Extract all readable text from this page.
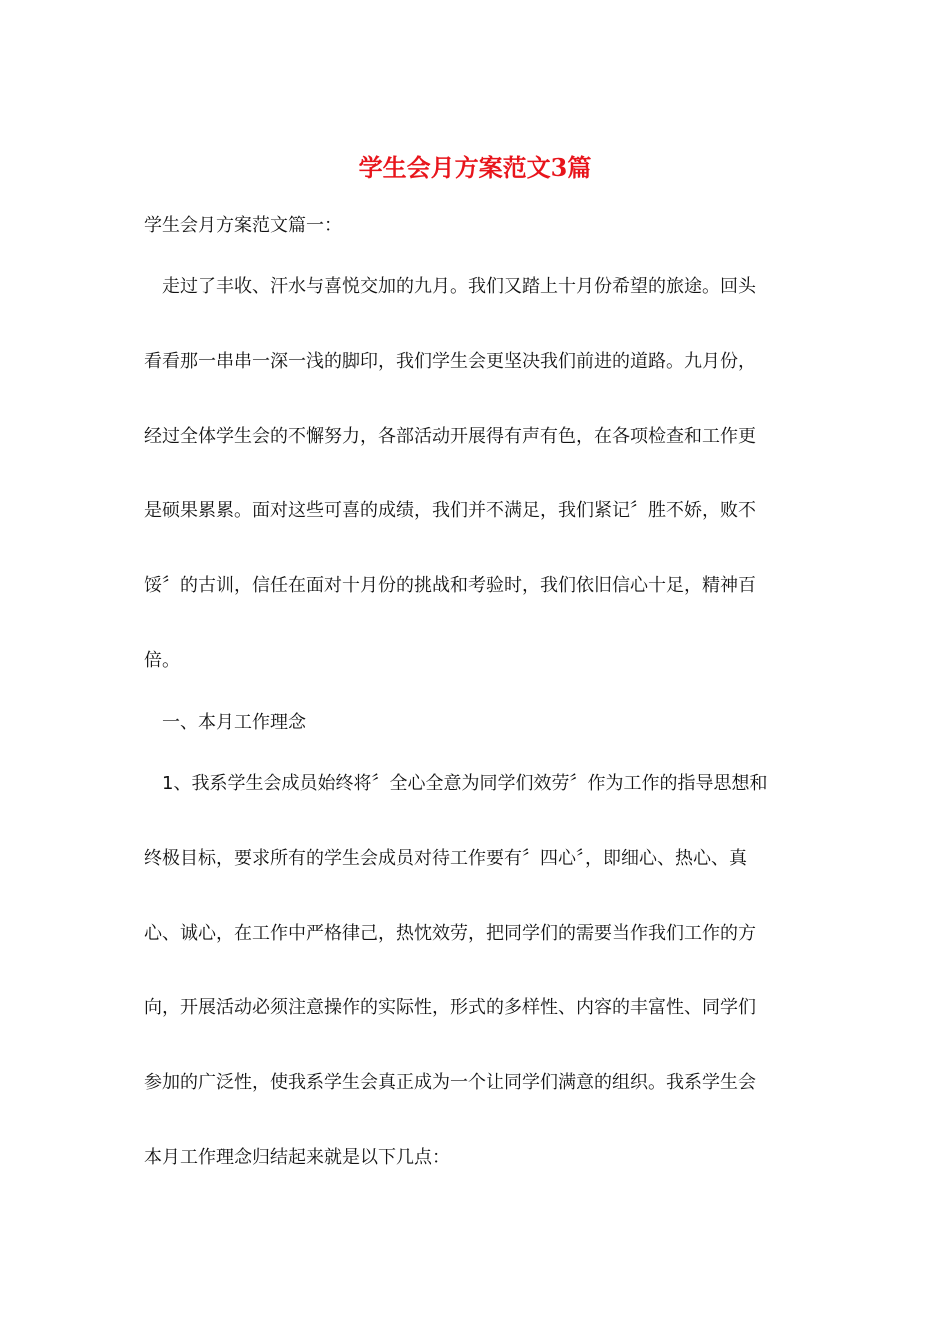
学生会月方案范文3篇

学生会月方案范文篇一：

走过了丰收、汗水与喜悦交加的九月。我们又踏上十月份希望的旅途。回头

看看那一串串一深一浅的脚印，我们学生会更坚决我们前进的道路。九月份，

经过全体学生会的不懈努力，各部活动开展得有声有色，在各项检查和工作更

是硕果累累。面对这些可喜的成绩，我们并不满足，我们紧记〞胜不娇，败不

馁〞的古训，信任在面对十月份的挑战和考验时，我们依旧信心十足，精神百

倍。

一、本月工作理念

1、我系学生会成员始终将〞全心全意为同学们效劳〞作为工作的指导思想和

终极目标，要求所有的学生会成员对待工作要有〞四心〞，即细心、热心、真

心、诚心，在工作中严格律己，热忱效劳，把同学们的需要当作我们工作的方

向，开展活动必须注意操作的实际性，形式的多样性、内容的丰富性、同学们

参加的广泛性，使我系学生会真正成为一个让同学们满意的组织。我系学生会

本月工作理念归结起来就是以下几点：
